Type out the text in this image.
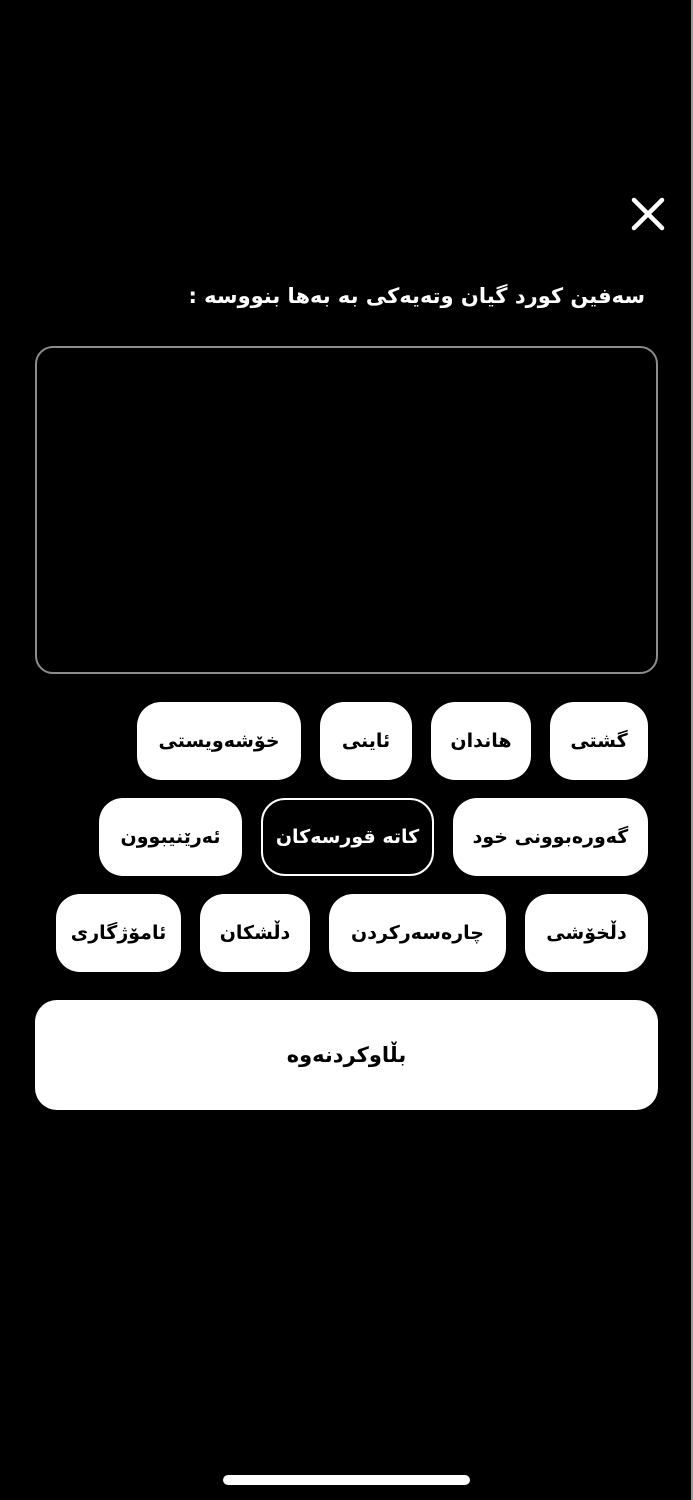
سەفین کورد گیان وتەیەکی بە بەها بنووسە :
گشتی
هاندان
ئاینی
خۆشەویستی
گەورەبوونی خود
کاتە قورسەکان
ئەرێنیبوون
دڵخۆشی
چارەسەرکردن
دڵشکان
ئامۆژگاری
بڵاوکردنەوە
